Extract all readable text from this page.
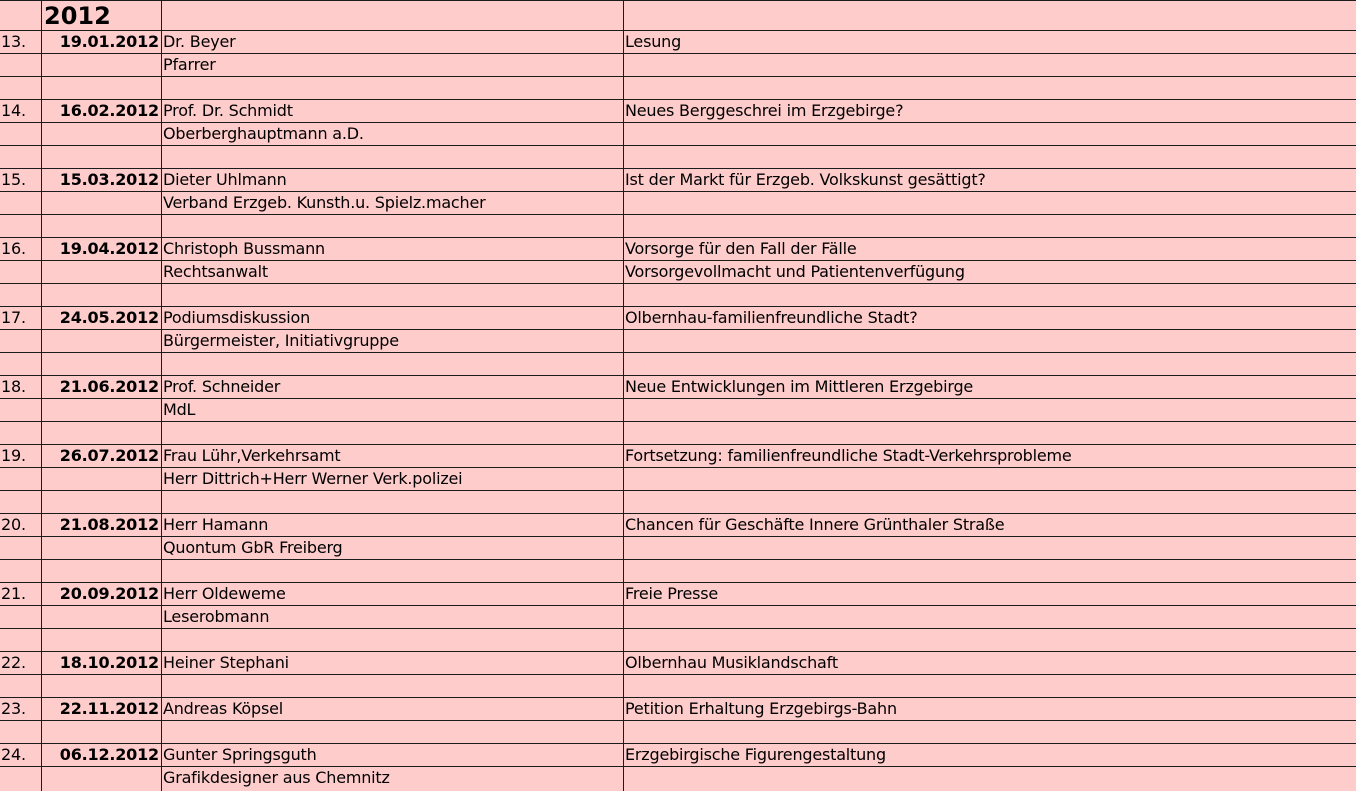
2012
13.	19.01.2012 Dr. Beyer	Lesung
Pfarrer
14.	16.02.2012 Prof. Dr. Schmidt	Neues Berggeschrei im Erzgebirge?
Oberberghauptmann a.D.
15.	15.03.2012 Dieter Uhlmann	Ist der Markt für Erzgeb. Volkskunst gesättigt?
Verband Erzgeb. Kunsth.u. Spielz.macher
16.	19.04.2012 Christoph Bussmann	Vorsorge für den Fall der Fälle
Rechtsanwalt	Vorsorgevollmacht und Patientenverfügung
17.	24.05.2012 Podiumsdiskussion	Olbernhau-familienfreundliche Stadt?
Bürgermeister, Initiativgruppe
18.	21.06.2012 Prof. Schneider	Neue Entwicklungen im Mittleren Erzgebirge
MdL
19.	26.07.2012 Frau Lühr,Verkehrsamt	Fortsetzung: familienfreundliche Stadt-Verkehrsprobleme
Herr Dittrich+Herr Werner Verk.polizei
20.	21.08.2012 Herr Hamann	Chancen für Geschäfte Innere Grünthaler Straße
Quontum GbR Freiberg
21.	20.09.2012 Herr Oldeweme	Freie Presse
Leserobmann
22.	18.10.2012 Heiner Stephani	Olbernhau Musiklandschaft
23.	22.11.2012 Andreas Köpsel	Petition Erhaltung Erzgebirgs-Bahn
24.	06.12.2012 Gunter Springsguth	Erzgebirgische Figurengestaltung
Grafikdesigner aus Chemnitz
